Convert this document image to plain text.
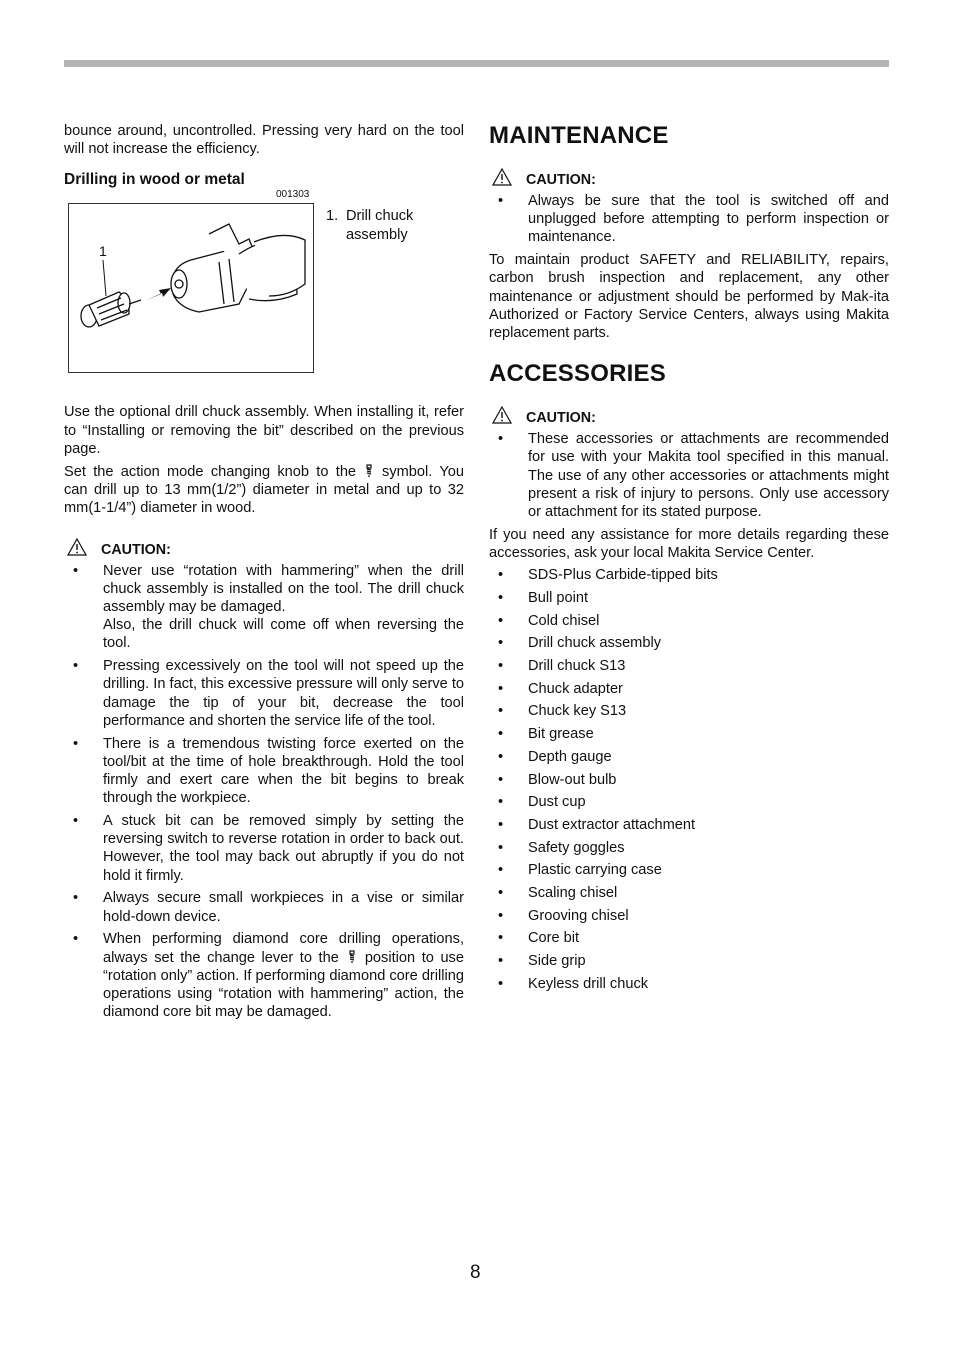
bounce around, uncontrolled. Pressing very hard on the tool will not increase the efficiency.

Drilling in wood or metal
001303
1
1. Drill chuck assembly

Use the optional drill chuck assembly. When installing it, refer to “Installing or removing the bit” described on the previous page.

Set the action mode changing knob to the symbol. You can drill up to 13 mm(1/2”) diameter in metal and up to 32 mm(1-1/4”) diameter in wood.

CAUTION:
• Never use “rotation with hammering” when the drill chuck assembly is installed on the tool. The drill chuck assembly may be damaged.
Also, the drill chuck will come off when reversing the tool.
• Pressing excessively on the tool will not speed up the drilling. In fact, this excessive pressure will only serve to damage the tip of your bit, decrease the tool performance and shorten the service life of the tool.
• There is a tremendous twisting force exerted on the tool/bit at the time of hole breakthrough. Hold the tool firmly and exert care when the bit begins to break through the workpiece.
• A stuck bit can be removed simply by setting the reversing switch to reverse rotation in order to back out. However, the tool may back out abruptly if you do not hold it firmly.
• Always secure small workpieces in a vise or similar hold-down device.
• When performing diamond core drilling operations, always set the change lever to the position to use “rotation only” action. If performing diamond core drilling operations using “rotation with hammering” action, the diamond core bit may be damaged.
MAINTENANCE
CAUTION:
• Always be sure that the tool is switched off and unplugged before attempting to perform inspection or maintenance.

To maintain product SAFETY and RELIABILITY, repairs, carbon brush inspection and replacement, any other maintenance or adjustment should be performed by Mak-ita Authorized or Factory Service Centers, always using Makita replacement parts.

ACCESSORIES
CAUTION:
• These accessories or attachments are recommended for use with your Makita tool specified in this manual. The use of any other accessories or attachments might present a risk of injury to persons. Only use accessory or attachment for its stated purpose.

If you need any assistance for more details regarding these accessories, ask your local Makita Service Center.

• SDS-Plus Carbide-tipped bits
• Bull point
• Cold chisel
• Drill chuck assembly
• Drill chuck S13
• Chuck adapter
• Chuck key S13
• Bit grease
• Depth gauge
• Blow-out bulb
• Dust cup
• Dust extractor attachment
• Safety goggles
• Plastic carrying case
• Scaling chisel
• Grooving chisel
• Core bit
• Side grip
• Keyless drill chuck
8
